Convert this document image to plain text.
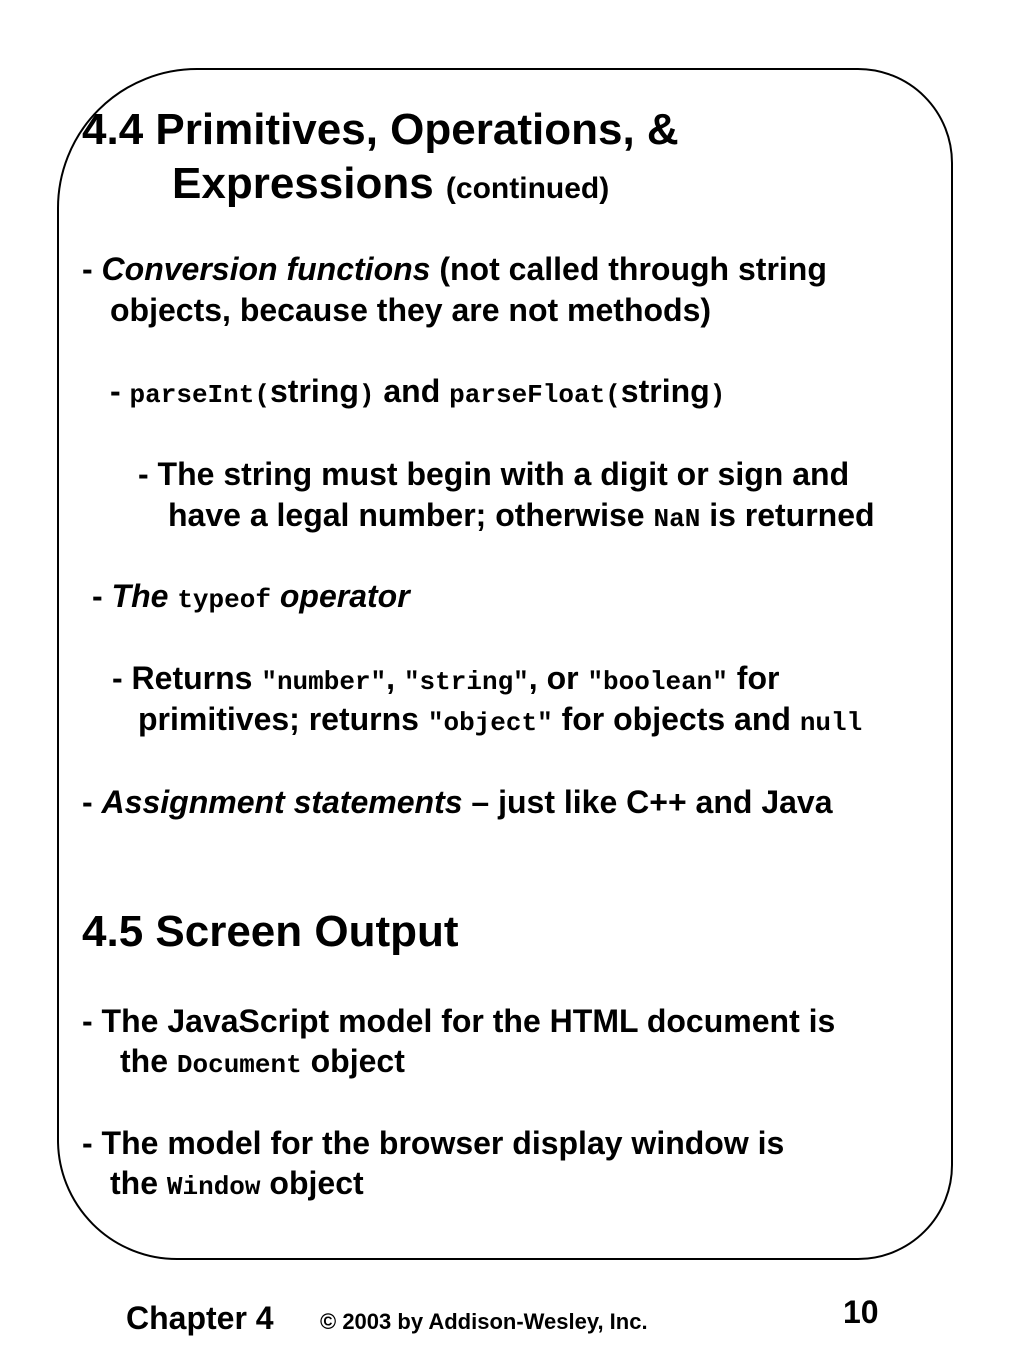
4.4 Primitives, Operations, &
Expressions (continued)
- Conversion functions (not called through string
objects, because they are not methods)
- parseInt(string) and parseFloat(string)
- The string must begin with a digit or sign and
have a legal number; otherwise NaN is returned
- The typeof operator
- Returns "number", "string", or "boolean" for
primitives; returns "object" for objects and null
- Assignment statements – just like C++ and Java
4.5 Screen Output
- The JavaScript model for the HTML document is
the Document object
- The model for the browser display window is
the Window object
Chapter 4 © 2003 by Addison-Wesley, Inc.	10
